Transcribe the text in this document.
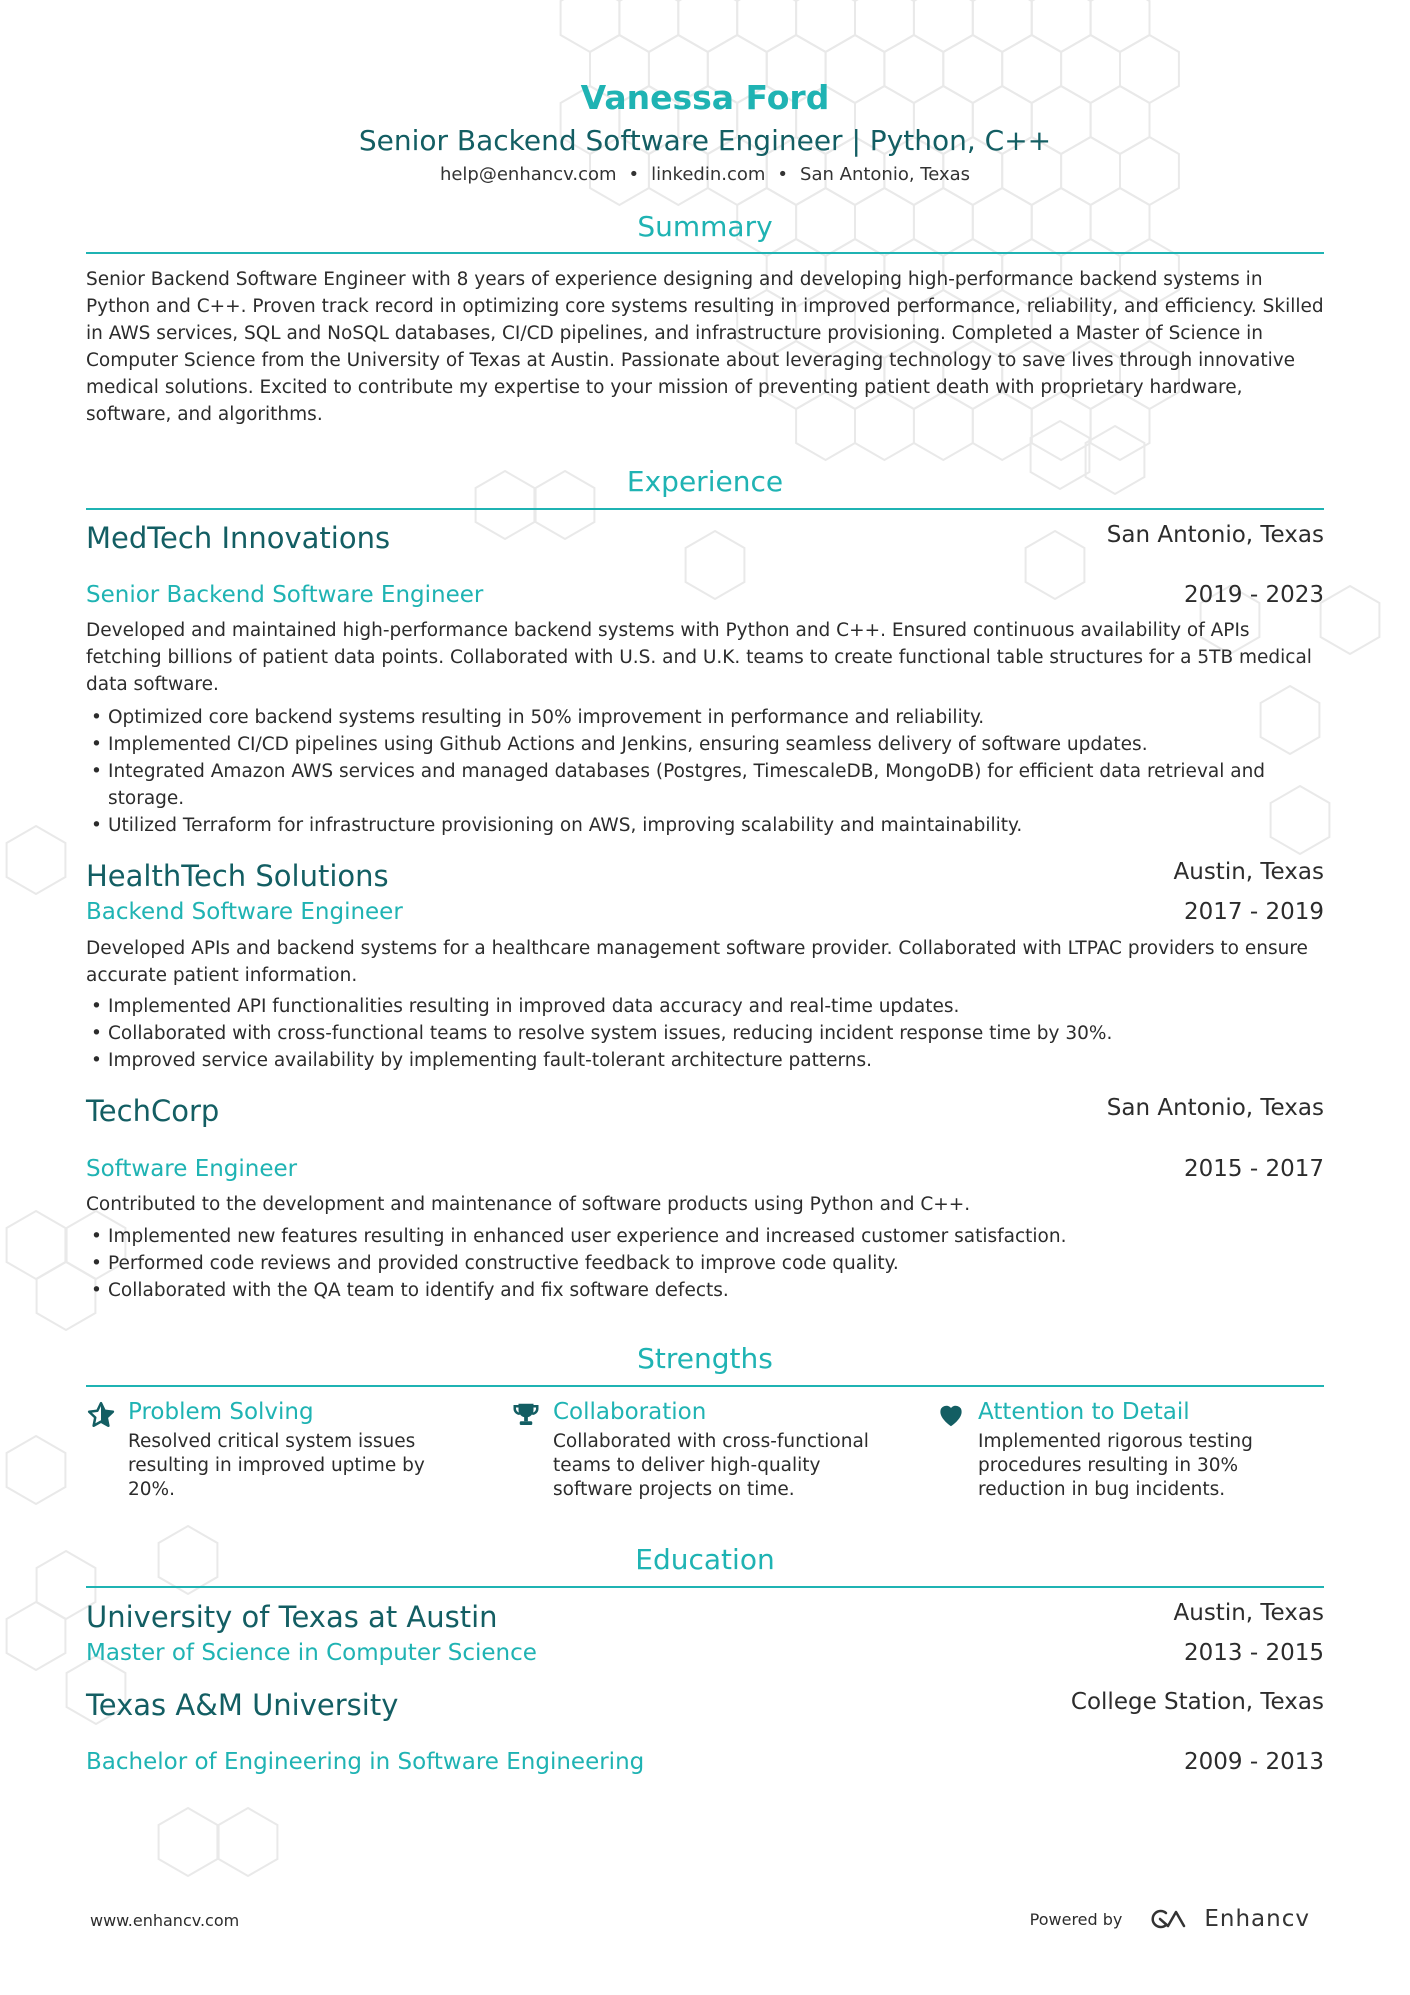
Vanessa Ford
Senior Backend Software Engineer | Python, C++
help@enhancv.com • linkedin.com • San Antonio, Texas
Summary
Senior Backend Software Engineer with 8 years of experience designing and developing high-performance backend systems in Python and C++. Proven track record in optimizing core systems resulting in improved performance, reliability, and efficiency. Skilled in AWS services, SQL and NoSQL databases, CI/CD pipelines, and infrastructure provisioning. Completed a Master of Science in Computer Science from the University of Texas at Austin. Passionate about leveraging technology to save lives through innovative medical solutions. Excited to contribute my expertise to your mission of preventing patient death with proprietary hardware, software, and algorithms.
Experience
MedTech Innovations	San Antonio, Texas
Senior Backend Software Engineer	2019 - 2023
Developed and maintained high-performance backend systems with Python and C++. Ensured continuous availability of APIs fetching billions of patient data points. Collaborated with U.S. and U.K. teams to create functional table structures for a 5TB medical data software.
• Optimized core backend systems resulting in 50% improvement in performance and reliability.
• Implemented CI/CD pipelines using Github Actions and Jenkins, ensuring seamless delivery of software updates.
• Integrated Amazon AWS services and managed databases (Postgres, TimescaleDB, MongoDB) for efficient data retrieval and storage.
• Utilized Terraform for infrastructure provisioning on AWS, improving scalability and maintainability.
HealthTech Solutions	Austin, Texas
Backend Software Engineer	2017 - 2019
Developed APIs and backend systems for a healthcare management software provider. Collaborated with LTPAC providers to ensure accurate patient information.
• Implemented API functionalities resulting in improved data accuracy and real-time updates.
• Collaborated with cross-functional teams to resolve system issues, reducing incident response time by 30%.
• Improved service availability by implementing fault-tolerant architecture patterns.
TechCorp	San Antonio, Texas
Software Engineer	2015 - 2017
Contributed to the development and maintenance of software products using Python and C++.
• Implemented new features resulting in enhanced user experience and increased customer satisfaction.
• Performed code reviews and provided constructive feedback to improve code quality.
• Collaborated with the QA team to identify and fix software defects.
Strengths
Problem Solving
Resolved critical system issues resulting in improved uptime by 20%.
Collaboration
Collaborated with cross-functional teams to deliver high-quality software projects on time.
Attention to Detail
Implemented rigorous testing procedures resulting in 30% reduction in bug incidents.
Education
University of Texas at Austin	Austin, Texas
Master of Science in Computer Science	2013 - 2015
Texas A&M University	College Station, Texas
Bachelor of Engineering in Software Engineering	2009 - 2013
www.enhancv.com	Powered by	Enhancv
